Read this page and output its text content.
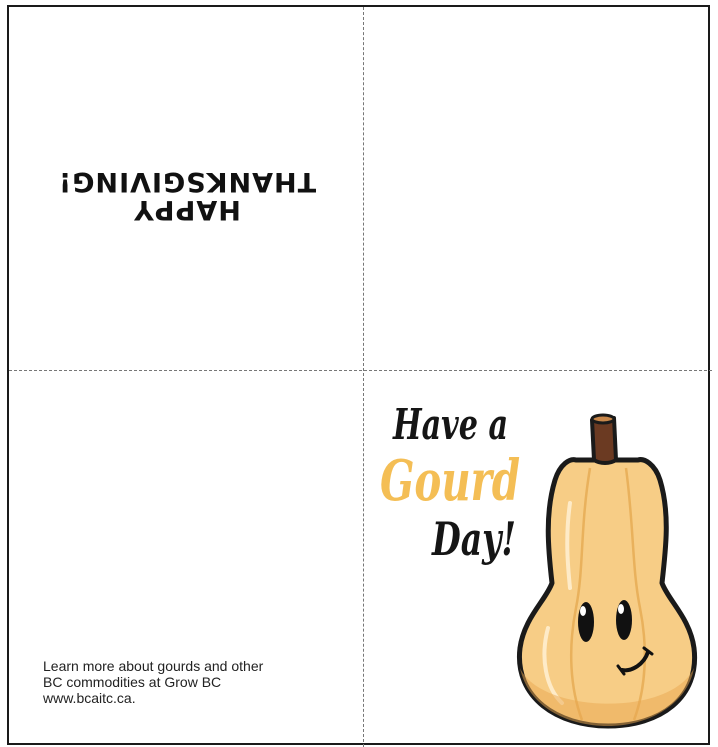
HAPPY
THANKSGIVING!
Learn more about gourds and other
BC commodities at Grow BC
www.bcaitc.ca.
Have a
Gourd
Day!
